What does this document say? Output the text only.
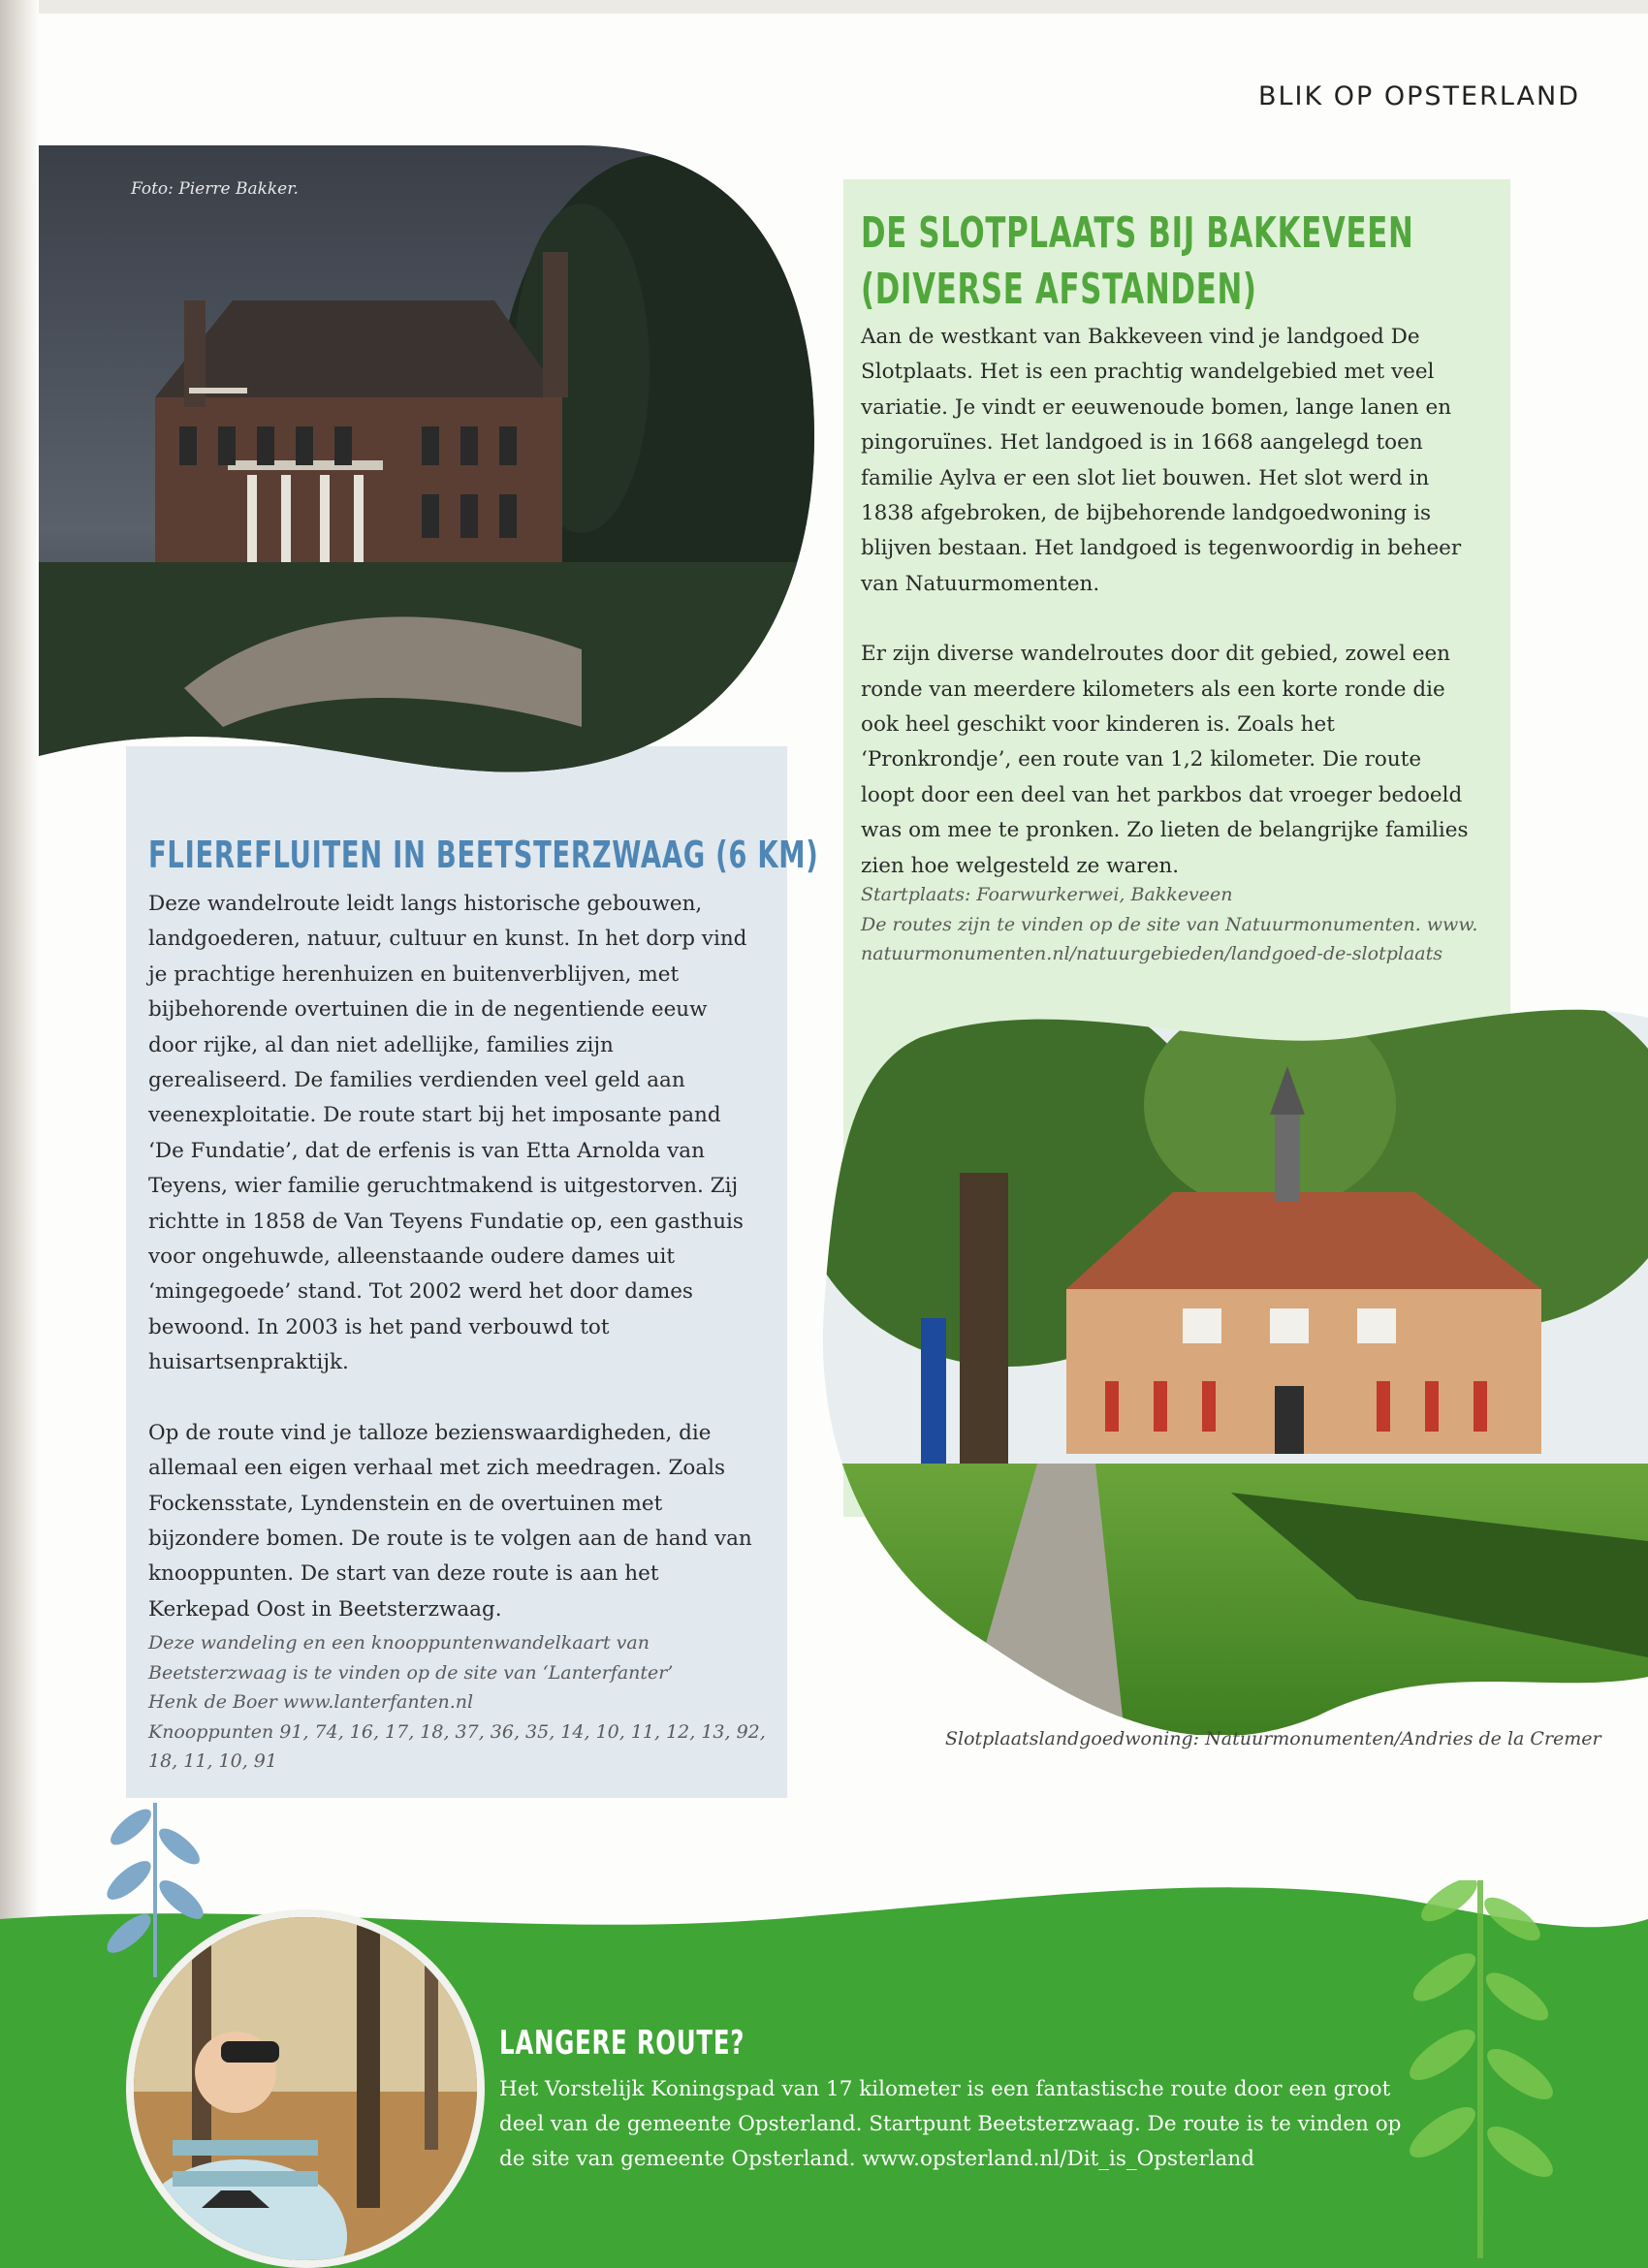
BLIK OP OPSTERLAND
Foto: Pierre Bakker.
FLIEREFLUITEN IN BEETSTERZWAAG (6 KM)

Deze wandelroute leidt langs historische gebouwen, landgoederen, natuur, cultuur en kunst. In het dorp vind je prachtige herenhuizen en buitenverblijven, met bijbehorende overtuinen die in de negentiende eeuw door rijke, al dan niet adellijke, families zijn gerealiseerd. De families verdienden veel geld aan veenexploitatie. De route start bij het imposante pand ‘De Fundatie’, dat de erfenis is van Etta Arnolda van Teyens, wier familie geruchtmakend is uitgestorven. Zij richtte in 1858 de Van Teyens Fundatie op, een gasthuis voor ongehuwde, alleenstaande oudere dames uit ‘mingegoede’ stand. Tot 2002 werd het door dames bewoond. In 2003 is het pand verbouwd tot huisartsenpraktijk.

Op de route vind je talloze bezienswaardigheden, die allemaal een eigen verhaal met zich meedragen. Zoals Fockensstate, Lyndenstein en de overtuinen met bijzondere bomen. De route is te volgen aan de hand van knooppunten. De start van deze route is aan het Kerkepad Oost in Beetsterzwaag.

Deze wandeling en een knooppuntenwandelkaart van Beetsterzwaag is te vinden op de site van ‘Lanterfanter’
Henk de Boer www.lanterfanten.nl
Knooppunten 91, 74, 16, 17, 18, 37, 36, 35, 14, 10, 11, 12, 13, 92, 18, 11, 10, 91
DE SLOTPLAATS BIJ BAKKEVEEN
(DIVERSE AFSTANDEN)

Aan de westkant van Bakkeveen vind je landgoed De Slotplaats. Het is een prachtig wandelgebied met veel variatie. Je vindt er eeuwenoude bomen, lange lanen en pingoruïnes. Het landgoed is in 1668 aangelegd toen familie Aylva er een slot liet bouwen. Het slot werd in 1838 afgebroken, de bijbehorende landgoedwoning is blijven bestaan. Het landgoed is tegenwoordig in beheer van Natuurmomenten.

Er zijn diverse wandelroutes door dit gebied, zowel een ronde van meerdere kilometers als een korte ronde die ook heel geschikt voor kinderen is. Zoals het ‘Pronkrondje’, een route van 1,2 kilometer. Die route loopt door een deel van het parkbos dat vroeger bedoeld was om mee te pronken. Zo lieten de belangrijke families zien hoe welgesteld ze waren.

Startplaats: Foarwurkerwei, Bakkeveen
De routes zijn te vinden op de site van Natuurmonumenten. www. natuurmonumenten.nl/natuurgebieden/landgoed-de-slotplaats
Slotplaatslandgoedwoning: Natuurmonumenten/Andries de la Cremer
LANGERE ROUTE?
Het Vorstelijk Koningspad van 17 kilometer is een fantastische route door een groot deel van de gemeente Opsterland. Startpunt Beetsterzwaag. De route is te vinden op de site van gemeente Opsterland. www.opsterland.nl/Dit_is_Opsterland
